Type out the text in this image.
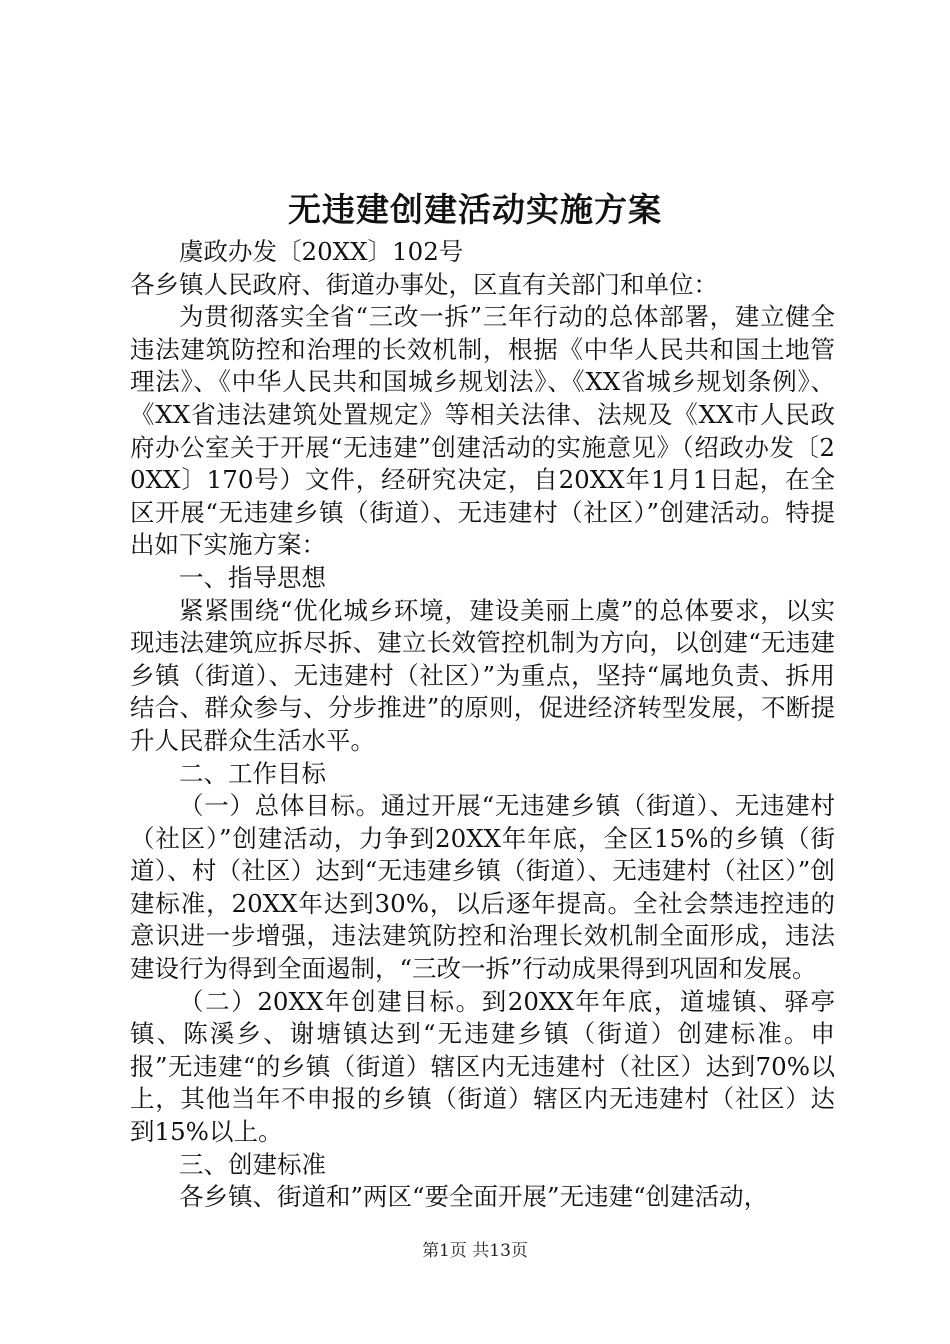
无违建创建活动实施方案

虞政办发〔20XX〕102号

各乡镇人民政府、街道办事处，区直有关部门和单位：

为贯彻落实全省“三改一拆”三年行动的总体部署，建立健全违法建筑防控和治理的长效机制，根据《中华人民共和国土地管理法》、《中华人民共和国城乡规划法》、《XX省城乡规划条例》、《XX省违法建筑处置规定》等相关法律、法规及《XX市人民政府办公室关于开展“无违建”创建活动的实施意见》（绍政办发〔20XX〕170号）文件，经研究决定，自20XX年1月1日起，在全区开展“无违建乡镇（街道）、无违建村（社区）”创建活动。特提出如下实施方案：

一、指导思想

紧紧围绕“优化城乡环境，建设美丽上虞”的总体要求，以实现违法建筑应拆尽拆、建立长效管控机制为方向，以创建“无违建乡镇（街道）、无违建村（社区）”为重点，坚持“属地负责、拆用结合、群众参与、分步推进”的原则，促进经济转型发展，不断提升人民群众生活水平。

二、工作目标

（一）总体目标。通过开展“无违建乡镇（街道）、无违建村（社区）”创建活动，力争到20XX年年底，全区15%的乡镇（街道）、村（社区）达到“无违建乡镇（街道）、无违建村（社区）”创建标准，20XX年达到30%，以后逐年提高。全社会禁违控违的意识进一步增强，违法建筑防控和治理长效机制全面形成，违法建设行为得到全面遏制，“三改一拆”行动成果得到巩固和发展。

（二）20XX年创建目标。到20XX年年底，道墟镇、驿亭镇、陈溪乡、谢塘镇达到“无违建乡镇（街道）创建标准。申报”无违建“的乡镇（街道）辖区内无违建村（社区）达到70%以上，其他当年不申报的乡镇（街道）辖区内无违建村（社区）达到15%以上。

三、创建标准

各乡镇、街道和”两区“要全面开展”无违建“创建活动，

第1页 共13页
